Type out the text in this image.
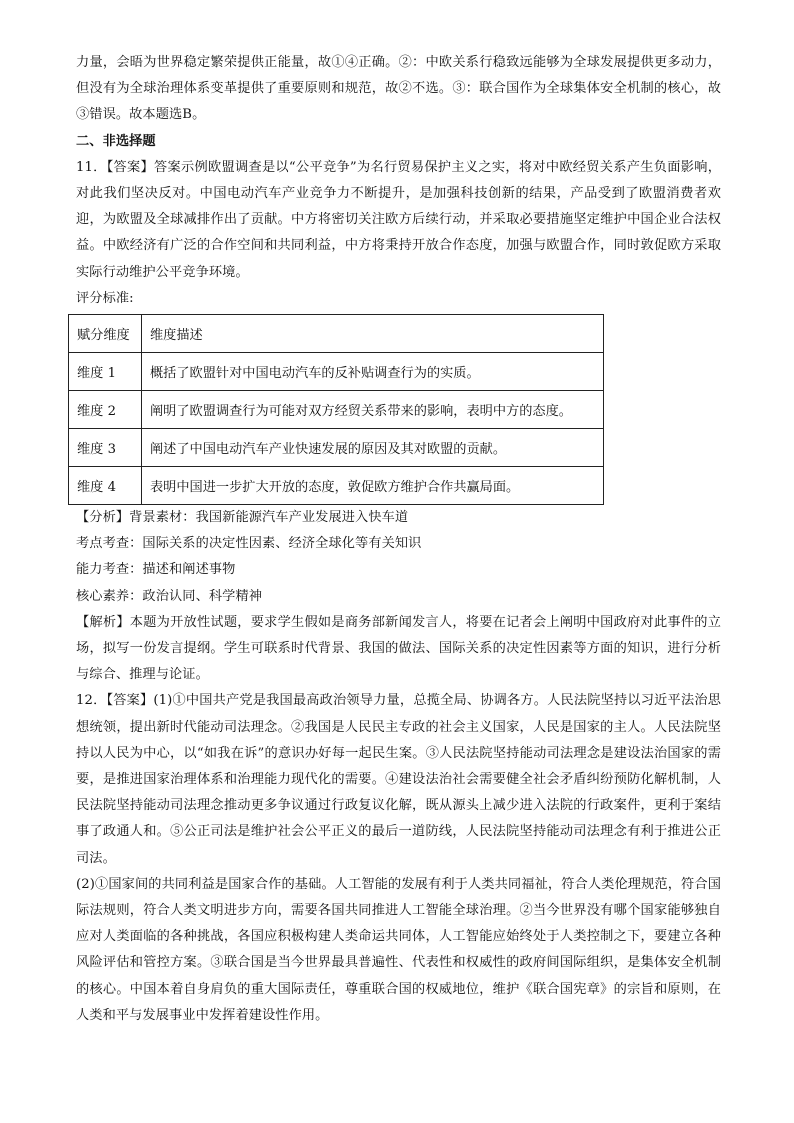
力量，会晤为世界稳定繁荣提供正能量，故①④正确。②：中欧关系行稳致远能够为全球发展提供更多动力，但没有为全球治理体系变革提供了重要原则和规范，故②不选。③：联合国作为全球集体安全机制的核心，故③错误。故本题选B。

二、非选择题

11．【答案】答案示例欧盟调查是以“公平竞争”为名行贸易保护主义之实，将对中欧经贸关系产生负面影响，对此我们坚决反对。中国电动汽车产业竞争力不断提升，是加强科技创新的结果，产品受到了欧盟消费者欢迎，为欧盟及全球减排作出了贡献。中方将密切关注欧方后续行动，并采取必要措施坚定维护中国企业合法权益。中欧经济有广泛的合作空间和共同利益，中方将秉持开放合作态度，加强与欧盟合作，同时敦促欧方采取实际行动维护公平竞争环境。

评分标准:

赋分维度	维度描述
维度 1	概括了欧盟针对中国电动汽车的反补贴调查行为的实质。
维度 2	阐明了欧盟调查行为可能对双方经贸关系带来的影响，表明中方的态度。
维度 3	阐述了中国电动汽车产业快速发展的原因及其对欧盟的贡献。
维度 4	表明中国进一步扩大开放的态度，敦促欧方维护合作共赢局面。

【分析】背景素材：我国新能源汽车产业发展进入快车道

考点考查：国际关系的决定性因素、经济全球化等有关知识

能力考查：描述和阐述事物

核心素养：政治认同、科学精神

【解析】本题为开放性试题，要求学生假如是商务部新闻发言人，将要在记者会上阐明中国政府对此事件的立场，拟写一份发言提纲。学生可联系时代背景、我国的做法、国际关系的决定性因素等方面的知识，进行分析与综合、推理与论证。

12．【答案】(1)①中国共产党是我国最高政治领导力量，总揽全局、协调各方。人民法院坚持以习近平法治思想统领，提出新时代能动司法理念。②我国是人民民主专政的社会主义国家，人民是国家的主人。人民法院坚持以人民为中心，以“如我在诉”的意识办好每一起民生案。③人民法院坚持能动司法理念是建设法治国家的需要，是推进国家治理体系和治理能力现代化的需要。④建设法治社会需要健全社会矛盾纠纷预防化解机制，人民法院坚持能动司法理念推动更多争议通过行政复议化解，既从源头上减少进入法院的行政案件，更利于案结事了政通人和。⑤公正司法是维护社会公平正义的最后一道防线，人民法院坚持能动司法理念有利于推进公正司法。

(2)①国家间的共同利益是国家合作的基础。人工智能的发展有利于人类共同福祉，符合人类伦理规范，符合国际法规则，符合人类文明进步方向，需要各国共同推进人工智能全球治理。②当今世界没有哪个国家能够独自应对人类面临的各种挑战，各国应积极构建人类命运共同体，人工智能应始终处于人类控制之下，要建立各种风险评估和管控方案。③联合国是当今世界最具普遍性、代表性和权威性的政府间国际组织，是集体安全机制的核心。中国本着自身肩负的重大国际责任，尊重联合国的权威地位，维护《联合国宪章》的宗旨和原则，在人类和平与发展事业中发挥着建设性作用。
